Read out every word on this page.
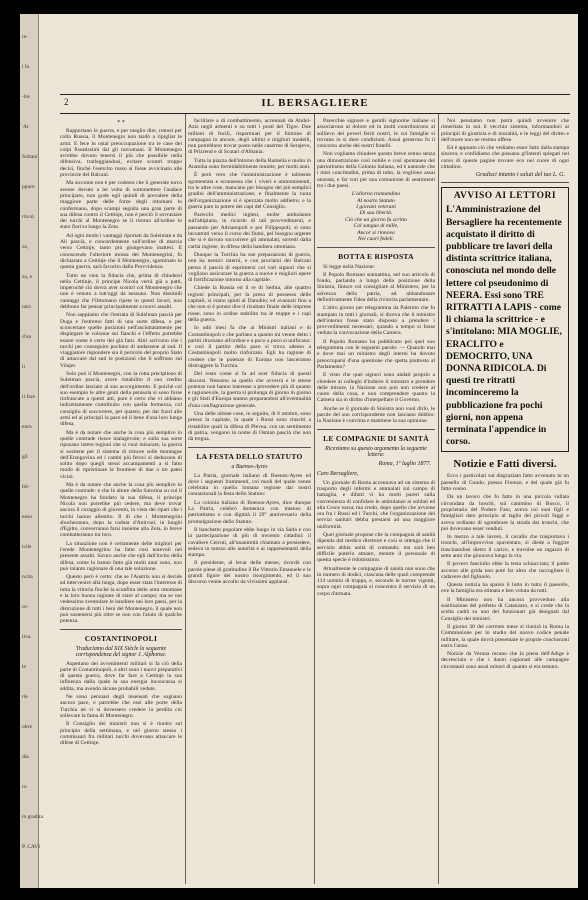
re-
i In
-lre
'Ar
Soltani
ppure
rticol.
ze,
za, e
ntro
d'un
li
il fare
enro
gli
bli-
enso
icile
ncita
oc-
tiva.
le
rle
oltre
dia
ro
in gradita
P. CAVI
2	IL BERSAGLIERE
* *

Rapportano le guerra, e per meglio dire, rottosi per colla Russia, il Montenegro non tardò a ripigliar le armi. E fece in ostal preoccupazione tra le case dei colpi fissatissimi dai gli turcomani. Il Montenegro avrebbe dovuto tenersi il più che possibile nella difensiva, trarleggiandosi, evitare scontri troppo decisi, finchè l'esercito russo si fosse avvicinato alle provincie del Balcani.

Ma siccome non è per codesto che il generale turco avesse dovuto a lei volta di sottomettere l'audace principato, non gode egli quindi di prevalere della maggiore parte delle forze degli ottomani lo confermano, dopo scampi seguita una gran parte di sua difesa contro il Cettinje, non è perciò il sovrastare dei turchi al Montenegro se il ritorno all'ordine lo stato fioriva lungo la Zeta.

Ad ogni modo i vantaggi riportati da Suleiman e da Ali pascià, e concordemente sull'ordine di marcia verso Cettinje, tanto più giungevano inattesi. E conoscendo l'ulteriore mossa dei Montenegrini, fu dichiarato a Cettinje che il Montenegro, sgominato in questa guerra, sarà favorito dalla Provvidenza.

Tutto ne vien la fiducia che, prima di chiudersi nella Cettinje, il principe Nicola verrà già a patti, imperoché ciò dovrà aver scontri col Montenegro che non è venuto a tutt'oggi da nessuno. Non dissimili vantaggi che l'Ottomano ripete in questi lavori, non debbono far pensar principalmente a nuovi assalti.

Non sappiamo che l'entrata di Suleiman pascià per Duga e l'estremo fatti di una sorte difesa, e per sconcertare quelle posizioni nell'asciuttatamente per dispiegare le colonne sui fianchi e l'effetto potrebbe essere come è certo dei già fatti. Altri scrivono che i turchi per conseguire pochino di andarsene al sud. Il viaggiatore rispondere sia il pericolo del proprio Stato di attaccare dal sud le posizioni che li soffrono sul Vilajet.

Solo può il Montenegro, con la rotta precipitoso di Suleiman pascià, avere ristabilito il suo credito dell'ordine lasciato al suo accorgimento. E poichè col suo esempio le altre genti della penisola si sono forse rinfrancate a questi atti, pure è certo che vi abbiano indirettamente contribuito con quella fermezza, col consiglio di soccorrere, per quanto, per dar fuori alle armi ed ai principii la pace ed il bene d'una loro lunga difesa.

Ma è da notare che anche la cosa più semplice in quelle contrade riesce malagevole; e sulla sua sorte riposano intere regioni che si vuol misurare, la guerra si sostiene per il sistema di trincee sulle montagne dell'Erzegovina ed i cambi più feroci si deducono di solito dopo quegli stessi accampamenti a sì fatto modo di ripristinare le frontiere di due o tre paesi vicini.

Ma è da notare che anche la cosa più semplice in quelle contrade: e che le alture della Sutorina su cui il Montenegro ha fondato la sua difesa, il principe Nicola non potrebbe più cedere, ma deve trovar ancora il coraggio di gioventù, in vista dei ripari che i turchi hanno allestito. Il dì che i Montenegrini sbucheranno, dopo la caduta d'Antivari, in luoghi d'Egitto, converranno farsi insieme alla Zeta, in breve combatteranno tra loro.

La situazione non è certamente delle migliori per l'erede Montenegrino ha fatte così notevoli nel presente assalti. Sicuro anche che egli dall'invito della difesa, come lo hanno fatto già molti anni sono, non può intanto ragionare di una tale soluzione.

Questo però è certo: che se l'Austria non si decide ad intervenire alla lunga, dopo esser stata l'interesse di tutta la vittoria finchè la sconfitta delle armi ottomane e la loro buona ragione di stare al campo; ma se noi vedessimo sventolare le bandiere nei loro paesi, per la distruzione di tutti i beni del Montenegro, il quale non può sostenersi più oltre se non con l'aiuto di qualche potenza.

COSTANTINOPOLI
Traduciamo dal XIX Siècle la seguente corrispondenza del signor J. Alphonse.

Aspettano dei avvenimenti militari si fa ciò della parte di Costantinopoli, e altri sono i nuovi preparativi di questa guerra, dove far fare a Cettinje la sua influenza dalla quale la sua energia inconcussa si addita, ma avendo alcune probabili vedute.

Ne sono persuasi degli insensati che sognano ancora pace, e parrebbe che essi alle porte della Turchia né vi si dovessero credere la perdita cui sollevare la fama di Montenegro.

Il Consiglio dei ministri non si è riunito sul principio della settimana, e nel giorno stesso i commissari fra militari turchi dovevano attaccare le difese di Cettinje.

facilitare a di combattimento, accennati da Abdul-Aziz negli armenti e su tutti i posti del Tigre. Due milioni di fucili, risparmiati per il fulmine di campagna in ancore, degli ultimi e migliori modelli, non potrebbero trovar posto nelle caserme di Serajevo, di Prizrend e di Scutari d'Albania.

Tutta la piazza dell'intorno della Rumelia e molto in Anatolia sono formidabilmente munite, per molti anni.

È però vero che l'amministrazione è talmente sgomentata e sconnessa che i viveri e ammonimenti, tra le altre cose, mancano per bisogno dei più semplici gradini dell'amministrazione; e finalmente la ruota dell'organizzazione si è spezzata molto addietro; e la guerra pare in potere dei capi del Consiglio.

Parecchi medici inglesi, molte ambulanze sull'altipiano, in ricordo di tali provvedimenti, e passando per Adrianopoli e poi Filippopoli, si sono incontrati verso il corso dei fiumi, pel bisogno urgente che si è dovuto soccorrere gli ammalati, sorretti dalla carità inglese, in difesa della bandiera ottomana.

Dunque la Turchia ha sue preparazioni di guerra, non ha nemici interni, e con proclami dei Balcani pensa il pascià di esprimersi coi vari signori che si vogliono assicurare la guerra a nuove e migliori opere di fortificazione intorno alla capitale.

Chiede la Russia ed il re di Serbia, alle quattro regioni principali, per la presa di possesso delle capitali, si erano spinti al Danubio; ed avanzati fino a che non si è potuto dire il risultato finale delle imprese russe, sono in ordine stabilito tra le truppe e i capi della guerra.

Io udii mesi fa che ai Ministri italiani e di Costantinopoli e che parlano a quanto mi venne detto i partiti ritornano all'ordine e a poco a poco si unificano: e così il partito della pace si trova adesso a Costantinopoli molto rinforzato. Egli ha ragione di credere che le potenze di Europa non lasceranno distruggere la Turchia.

Del resto come si fa ad aver fiducia di questi discorsi. Nessuno sa quello che avverrà e le stesse potenze non hanno interesse a prevedere più di quanto è ragionevole, la guerra si prolunga di giorno in giorno e gli Stati d'Europa stanno preparandosi all'eventualità d'una conflagrazione generale.

Una delle ultime cose, in seguito, di 6 ottobre, sono presso la capitale, la quale i Russi sono riusciti a ristabilire quali la difesa di Plevna, con un sentimento di patria, vengono in nome di Osman pascià che non dà tregua.

LA FESTA DELLO STATUTO
a Buenos-Ayres

La Patria, giornale italiano di Buenos-Ayres ed dove i seguenti frammenti, coi modi del quale venne celebrata in quella lontana regione dai nostri connazionali la festa dello Statuto:

La colonia italiana di Buenos-Ayres, dice dunque La Patria, celebrò domenica con intenso di patriottismo e con dignità il 29° anniversario della promulgazione dello Statuto.

Il banchetto popolare ebbe luogo in via Salta e con la partecipazione di più di trecento cittadini: il cavaliere Cerruti, all'unanimità chiamato a presiedere, sedeva in mezzo alle autorità e ai rappresentanti della stampa.

Il presidente, al levar delle mense, ricordò con parole piene di gratitudine il Re Vittorio Emanuele e le grandi figure del nostro risorgimento, ed il suo discorso venne accolto da vivissimi applausi.

Parecchie signore e gentili signorine italiane si associarono al dolore ed in molti contribuirono al sollievo dei poveri feriti nostri, le cui famiglie si trovano in sì dure condizioni. Assai generoso fu il concorso anche dei nostri fratelli.

Non vogliamo chiudere questo breve cenno senza una dimostrazione così nobile e così spontanea del patriottismo della Colonia italiana, ed è naturale che i miei concittadini, prima di tutto, la vogliono assai onorata, e far voti per una comunione di sentimenti tra i due paesi.

L'allorno tramandino
Al nostro Statuto
I giovani veterani
Di sua libertà.
Ciò che un giorno fu scritto
Col sangue di mille,
Ancor si rinnova
Nei cuori fedeli.
BOTTA E RISPOSTA

Si legge nella Nazione:

Il Popolo Romano stamattina, nel suo articolo di fondo, parlando a lungo della posizione della Sinistra, finisce col consigliare al Ministero, per la salvezza della patria, ad abbandonare definitivamente l'idea della rivincita parlamentare.

L'altro giorno per telegramma da Palermo che fu stampato in tutti i giornali, si diceva che il ministro dell'interno fosse stato disposto a prendere i provvedimenti necessari, quando a tempo si fosse veduta la convocazione della Camera.

Il Popolo Romano ha pubblicato poi quel suo telegramma con le seguenti parole: — Quando mai e dove mai un ministro degli interni ha dovuto preoccuparsi d'una questione che spetta piuttosto al Parlamento?

E visto che quei signori sono andati proprio a chiedere ai colleghi d'indurre il ministro a prendere delle misure, la Nazione non può non credere al cuore della cosa, e non comprendere quanto la Camera sia in diritto d'interpellare il Governo.

Anche se il giornale di Sinistra non vuol dirlo, le parole del suo corrispondente non lasciano dubbio: la Nazione è convinta e mantiene la sua opinione.

LE COMPAGNIE DI SANITÀ
Riceviamo su questo argomento la seguente lettera:
Roma, 1º luglio 1877.
Caro Bersagliere,

Un giornale di Roma accennava ad un sistema di trasporto degli infermi e ammalati sul campo di battaglia, e difatti vi ha molti pareri sulla convenienza di confidare le ambulanze ai soldati ed alla Croce rossa; ma credo, dopo quello che avviene ora fra i Russi ed i Turchi, che l'organizzazione dei servizi sanitari debba prestarsi ad una maggiore uniformità.

Quel giornale propone che la compagnia di sanità dipenda dal medico direttore e così si ottenga che il servizio abbia unità di comando; ma sarà ben difficile poterlo attuare, mentre il personale di questa specie è ridottissimo.

Attualmente le compagnie di sanità non sono che in numero di dodici, ciascuna delle quali comprende 114 uomini di truppa, e, secondo le norme vigenti, sopra ogni compagnia si concentra il servizio di un corpo d'armata.

Noi pensiamo non potrà quindi avvenire che rimeritata in noi il vecchio sistema, informandoci ai principii di giustizia e di moralità, e le leggi del diritto e dell'onore non ne restino offese.

Ed è appunto ciò che vediamo esser fatto dalla stampa sincera; e confidiamo che possano gl'intenti spiegati nel corso di queste pagine trovare eco nel cuore di ogni cittadino.

Gradisci intanto i saluti del tuo L. G.
AVVISO AI LETTORI
L'Amministrazione del Bersagliere ha recentemente acquistato il diritto di pubblicare tre lavori della distinta scrittrice italiana, conosciuta nel mondo delle lettere col pseudonimo di NEERA. Essi sono TRE RITRATTI A LAPIS - come li chiama la scrittrice - e s'intitolano: MIA MOGLIE, ERACLITO e DEMOCRITO, UNA DONNA RIDICOLA. Di questi tre ritratti incominceremo la pubblicazione fra pochi giorni, non appena terminata l'appendice in corso.
Notizie e Fatti diversi.

Ecco i particolari sul disgraziato fatto avvenuto in un paesello di Gaudo, presso Firenze, e del quale già fu fatto cenno.

Da un lavoro che fu fatto in una piccola vallata circondata da boschi, sul cammino di Bosco, il proprietario del Podere Fato, aveva coi suoi figli e famigliari dato principio al taglio dei piccoli faggi e aveva ordinato di sgombrare la strada dai tronchi, che poi dovevano esser venduti.

In mezzo a tale lavoro, il cavallo che trasportava i tronchi, all'improvviso spaventato, si diede a fuggire trascinandosi dietro il carico, e travolse un ragazzo di sette anni che giuocava lungo la via.

Il povero fanciullo ebbe la testa schiacciata; il padre accorso alle grida non poté far altro che raccogliere il cadavere del figliuolo.

Questa notizia ha sparso il lutto in tutto il paesello, ove la famiglia era stimata e ben voluta da tutti.

Il Ministero non ha ancora provveduto alla sostituzione del prefetto di Catanzaro, e si crede che la scelta cadrà su uno dei funzionari già designati dal Consiglio dei ministri.

Il giorno 30 del corrente mese si riunirà in Roma la Commissione per lo studio del nuovo codice penale militare, la quale dovrà presentare le proprie conclusioni entro l'anno.

Notizie da Verona recano che la piena dell'Adige è decresciuta e che i danni cagionati alle campagne circostanti sono assai minori di quanto si era temuto.
